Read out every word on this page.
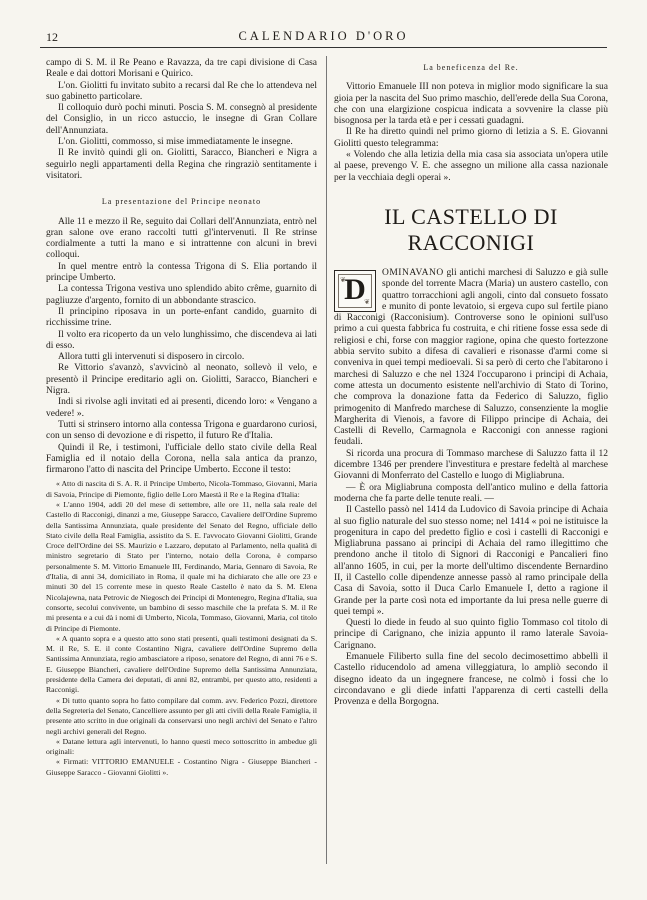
12	CALENDARIO D'ORO

campo di S. M. il Re Peano e Ravazza, da tre capi divisione di Casa Reale e dai dottori Morisani e Quirico.

L'on. Giolitti fu invitato subito a recarsi dal Re che lo attendeva nel suo gabinetto particolare.

Il colloquio durò pochi minuti. Poscia S. M. consegnò al presidente del Consiglio, in un ricco astuccio, le insegne di Gran Collare dell'Annunziata.

L'on. Giolitti, commosso, si mise immediatamente le insegne.

Il Re invitò quindi gli on. Giolitti, Saracco, Biancheri e Nigra a seguirlo negli appartamenti della Regina che ringraziò sentitamente i visitatori.

La presentazione del Principe neonato

Alle 11 e mezzo il Re, seguito dai Collari dell'Annunziata, entrò nel gran salone ove erano raccolti tutti gl'intervenuti. Il Re strinse cordialmente a tutti la mano e si intrattenne con alcuni in brevi colloqui.

In quel mentre entrò la contessa Trigona di S. Elia portando il principe Umberto.

La contessa Trigona vestiva uno splendido abito crême, guarnito di pagliuzze d'argento, fornito di un abbondante strascico.

Il principino riposava in un porte-enfant candido, guarnito di ricchissime trine.

Il volto era ricoperto da un velo lunghissimo, che discendeva ai lati di esso.

Allora tutti gli intervenuti si disposero in circolo.

Re Vittorio s'avanzò, s'avvicinò al neonato, sollevò il velo, e presentò il Principe ereditario agli on. Giolitti, Saracco, Biancheri e Nigra.

Indi si rivolse agli invitati ed ai presenti, dicendo loro: « Vengano a vedere! ».

Tutti si strinsero intorno alla contessa Trigona e guardarono curiosi, con un senso di devozione e di rispetto, il futuro Re d'Italia.

Quindi il Re, i testimoni, l'ufficiale dello stato civile della Real Famiglia ed il notaio della Corona, nella sala antica da pranzo, firmarono l'atto di nascita del Principe Umberto. Eccone il testo:

« Atto di nascita di S. A. R. il Principe Umberto, Nicola-Tommaso, Giovanni, Maria di Savoia, Principe di Piemonte, figlio delle Loro Maestà il Re e la Regina d'Italia:

« L'anno 1904, addì 20 del mese di settembre, alle ore 11, nella sala reale del Castello di Racconigi, dinanzi a me, Giuseppe Saracco, Cavaliere dell'Ordine Supremo della Santissima Annunziata, quale presidente del Senato del Regno, ufficiale dello Stato civile della Real Famiglia, assistito da S. E. l'avvocato Giovanni Giolitti, Grande Croce dell'Ordine dei SS. Maurizio e Lazzaro, deputato al Parlamento, nella qualità di ministro segretario di Stato per l'interno, notaio della Corona, è comparso personalmente S. M. Vittorio Emanuele III, Ferdinando, Maria, Gennaro di Savoia, Re d'Italia, di anni 34, domiciliato in Roma, il quale mi ha dichiarato che alle ore 23 e minuti 30 del 15 corrente mese in questo Reale Castello è nato da S. M. Elena Nicolajewna, nata Petrovic de Niegosch dei Principi di Montenegro, Regina d'Italia, sua consorte, secolui convivente, un bambino di sesso maschile che la prefata S. M. il Re mi presenta e a cui dà i nomi di Umberto, Nicola, Tommaso, Giovanni, Maria, col titolo di Principe di Piemonte.

« A quanto sopra e a questo atto sono stati presenti, quali testimoni designati da S. M. il Re, S. E. il conte Costantino Nigra, cavaliere dell'Ordine Supremo della Santissima Annunziata, regio ambasciatore a riposo, senatore del Regno, di anni 76 e S. E. Giuseppe Biancheri, cavaliere dell'Ordine Supremo della Santissima Annunziata, presidente della Camera dei deputati, di anni 82, entrambi, per questo atto, residenti a Racconigi.

« Di tutto quanto sopra ho fatto compilare dal comm. avv. Federico Pozzi, direttore della Segreteria del Senato, Cancelliere assunto per gli atti civili della Reale Famiglia, il presente atto scritto in due originali da conservarsi uno negli archivi del Senato e l'altro negli archivi generali del Regno.

« Datane lettura agli intervenuti, lo hanno questi meco sottoscritto in ambedue gli originali:

« Firmati: VITTORIO EMANUELE - Costantino Nigra - Giuseppe Biancheri - Giuseppe Saracco - Giovanni Giolitti ».

La beneficenza del Re.

Vittorio Emanuele III non poteva in miglior modo significare la sua gioia per la nascita del Suo primo maschio, dell'erede della Sua Corona, che con una elargizione cospicua indicata a sovvenire la classe più bisognosa per la tarda età e per i cessati guadagni.

Il Re ha diretto quindi nel primo giorno di letizia a S. E. Giovanni Giolitti questo telegramma:

« Volendo che alla letizia della mia casa sia associata un'opera utile al paese, prevengo V. E. che assegno un milione alla cassa nazionale per la vecchiaia degli operai ».

IL CASTELLO DI RACCONIGI

❦
❦
D	OMINAVANO gli antichi marchesi di Saluzzo e già sulle sponde del torrente Macra (Maria) un austero castello, con quattro torracchioni agli angoli, cinto dal consueto fossato e munito di ponte levatoio, si ergeva cupo sul fertile piano di Racconigi (Racconisium). Controverse sono le opinioni sull'uso primo a cui questa fabbrica fu costruita, e chi ritiene fosse essa sede di religiosi e chi, forse con maggior ragione, opina che questo fortezzone abbia servito subito a difesa di cavalieri e risonasse d'armi come si conveniva in quei tempi medioevali. Si sa però di certo che l'abitarono i marchesi di Saluzzo e che nel 1324 l'occuparono i principi di Achaia, come attesta un documento esistente nell'archivio di Stato di Torino, che comprova la donazione fatta da Federico di Saluzzo, figlio primogenito di Manfredo marchese di Saluzzo, consenziente la moglie Margherita di Vienois, a favore di Filippo principe di Achaia, dei Castelli di Revello, Carmagnola e Racconigi con annesse ragioni feudali.

Si ricorda una procura di Tommaso marchese di Saluzzo fatta il 12 dicembre 1346 per prendere l'investitura e prestare fedeltà al marchese Giovanni di Monferrato del Castello e luogo di Migliabruna.

— È ora Migliabruna composta dell'antico mulino e della fattoria moderna che fa parte delle tenute reali. —

Il Castello passò nel 1414 da Ludovico di Savoia principe di Achaia al suo figlio naturale del suo stesso nome; nel 1414 « poi ne istituisce la progenitura in capo del predetto figlio e così i castelli di Racconigi e Migliabruna passano ai principi di Achaia del ramo illegittimo che prendono anche il titolo di Signori di Racconigi e Pancalieri fino all'anno 1605, in cui, per la morte dell'ultimo discendente Bernardino II, il Castello colle dipendenze annesse passò al ramo principale della Casa di Savoia, sotto il Duca Carlo Emanuele I, detto a ragione il Grande per la parte così nota ed importante da lui presa nelle guerre di quei tempi ».

Questi lo diede in feudo al suo quinto figlio Tommaso col titolo di principe di Carignano, che inizia appunto il ramo laterale Savoia-Carignano.

Emanuele Filiberto sulla fine del secolo decimosettimo abbellì il Castello riducendolo ad amena villeggiatura, lo ampliò secondo il disegno ideato da un ingegnere francese, ne colmò i fossi che lo circondavano e gli diede infatti l'apparenza di certi castelli della Provenza e della Borgogna.
